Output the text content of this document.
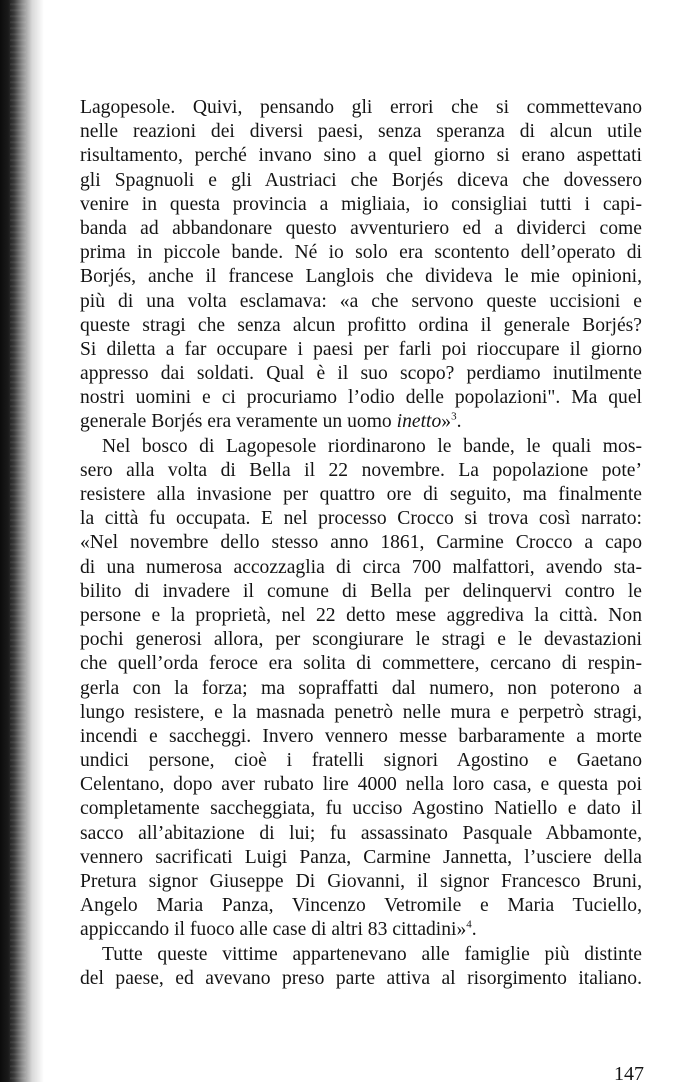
Lagopesole. Quivi, pensando gli errori che si commettevano
nelle reazioni dei diversi paesi, senza speranza di alcun utile
risultamento, perché invano sino a quel giorno si erano aspettati
gli Spagnuoli e gli Austriaci che Borjés diceva che dovessero
venire in questa provincia a migliaia, io consigliai tutti i capi-
banda ad abbandonare questo avventuriero ed a dividerci come
prima in piccole bande. Né io solo era scontento dell’operato di
Borjés, anche il francese Langlois che divideva le mie opinioni,
più di una volta esclamava: «a che servono queste uccisioni e
queste stragi che senza alcun profitto ordina il generale Borjés?
Si diletta a far occupare i paesi per farli poi rioccupare il giorno
appresso dai soldati. Qual è il suo scopo? perdiamo inutilmente
nostri uomini e ci procuriamo l’odio delle popolazioni". Ma quel
generale Borjés era veramente un uomo inetto»$^3$.
Nel bosco di Lagopesole riordinarono le bande, le quali mos-
sero alla volta di Bella il 22 novembre. La popolazione pote’
resistere alla invasione per quattro ore di seguito, ma finalmente
la città fu occupata. E nel processo Crocco si trova così narrato:
«Nel novembre dello stesso anno 1861, Carmine Crocco a capo
di una numerosa accozzaglia di circa 700 malfattori, avendo sta-
bilito di invadere il comune di Bella per delinquervi contro le
persone e la proprietà, nel 22 detto mese aggrediva la città. Non
pochi generosi allora, per scongiurare le stragi e le devastazioni
che quell’orda feroce era solita di commettere, cercano di respin-
gerla con la forza; ma sopraffatti dal numero, non poterono a
lungo resistere, e la masnada penetrò nelle mura e perpetrò stragi,
incendi e saccheggi. Invero vennero messe barbaramente a morte
undici persone, cioè i fratelli signori Agostino e Gaetano
Celentano, dopo aver rubato lire 4000 nella loro casa, e questa poi
completamente saccheggiata, fu ucciso Agostino Natiello e dato il
sacco all’abitazione di lui; fu assassinato Pasquale Abbamonte,
vennero sacrificati Luigi Panza, Carmine Jannetta, l’usciere della
Pretura signor Giuseppe Di Giovanni, il signor Francesco Bruni,
Angelo Maria Panza, Vincenzo Vetromile e Maria Tuciello,
appiccando il fuoco alle case di altri 83 cittadini»$^4$.
Tutte queste vittime appartenevano alle famiglie più distinte
del paese, ed avevano preso parte attiva al risorgimento italiano.
147
